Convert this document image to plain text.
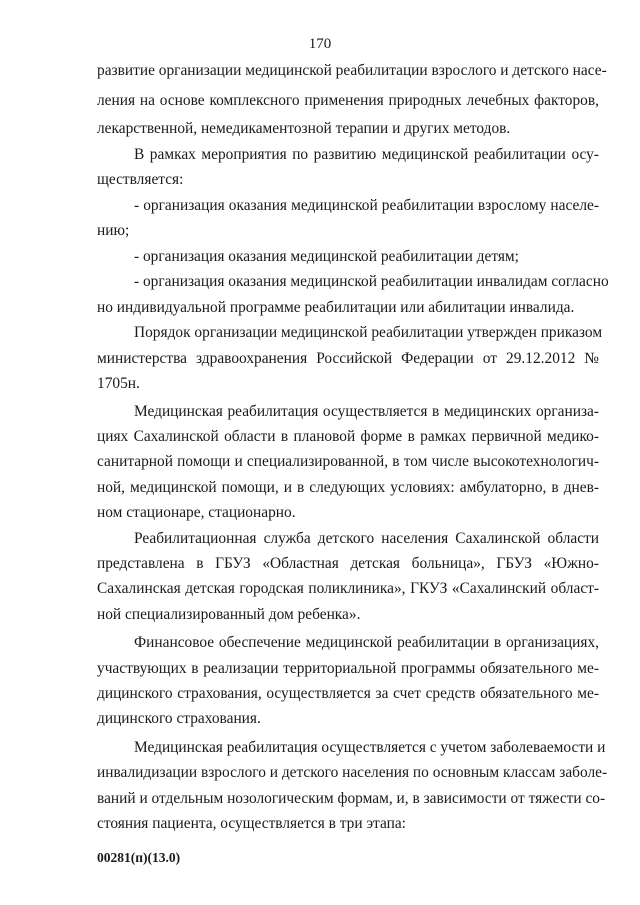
170
развитие организации медицинской реабилитации взрослого и детского насе-
ления на основе комплексного применения природных лечебных факторов,
лекарственной, немедикаментозной терапии и других методов.
В рамках мероприятия по развитию медицинской реабилитации осу-
ществляется:
- организация оказания медицинской реабилитации взрослому населе-
нию;
- организация оказания медицинской реабилитации детям;
- организация оказания медицинской реабилитации инвалидам согласно
но индивидуальной программе реабилитации или абилитации инвалида.
Порядок организации медицинской реабилитации утвержден приказом
министерства здравоохранения Российской Федерации от 29.12.2012 №
1705н.
Медицинская реабилитация осуществляется в медицинских организа-
циях Сахалинской области в плановой форме в рамках первичной медико-
санитарной помощи и специализированной, в том числе высокотехнологич-
ной, медицинской помощи, и в следующих условиях: амбулаторно, в днев-
ном стационаре, стационарно.
Реабилитационная служба детского населения Сахалинской области
представлена в ГБУЗ «Областная детская больница», ГБУЗ «Южно-
Сахалинская детская городская поликлиника», ГКУЗ «Сахалинский област-
ной специализированный дом ребенка».
Финансовое обеспечение медицинской реабилитации в организациях,
участвующих в реализации территориальной программы обязательного ме-
дицинского страхования, осуществляется за счет средств обязательного ме-
дицинского страхования.
Медицинская реабилитация осуществляется с учетом заболеваемости и
инвалидизации взрослого и детского населения по основным классам заболе-
ваний и отдельным нозологическим формам, и, в зависимости от тяжести со-
стояния пациента, осуществляется в три этапа:
00281(п)(13.0)
